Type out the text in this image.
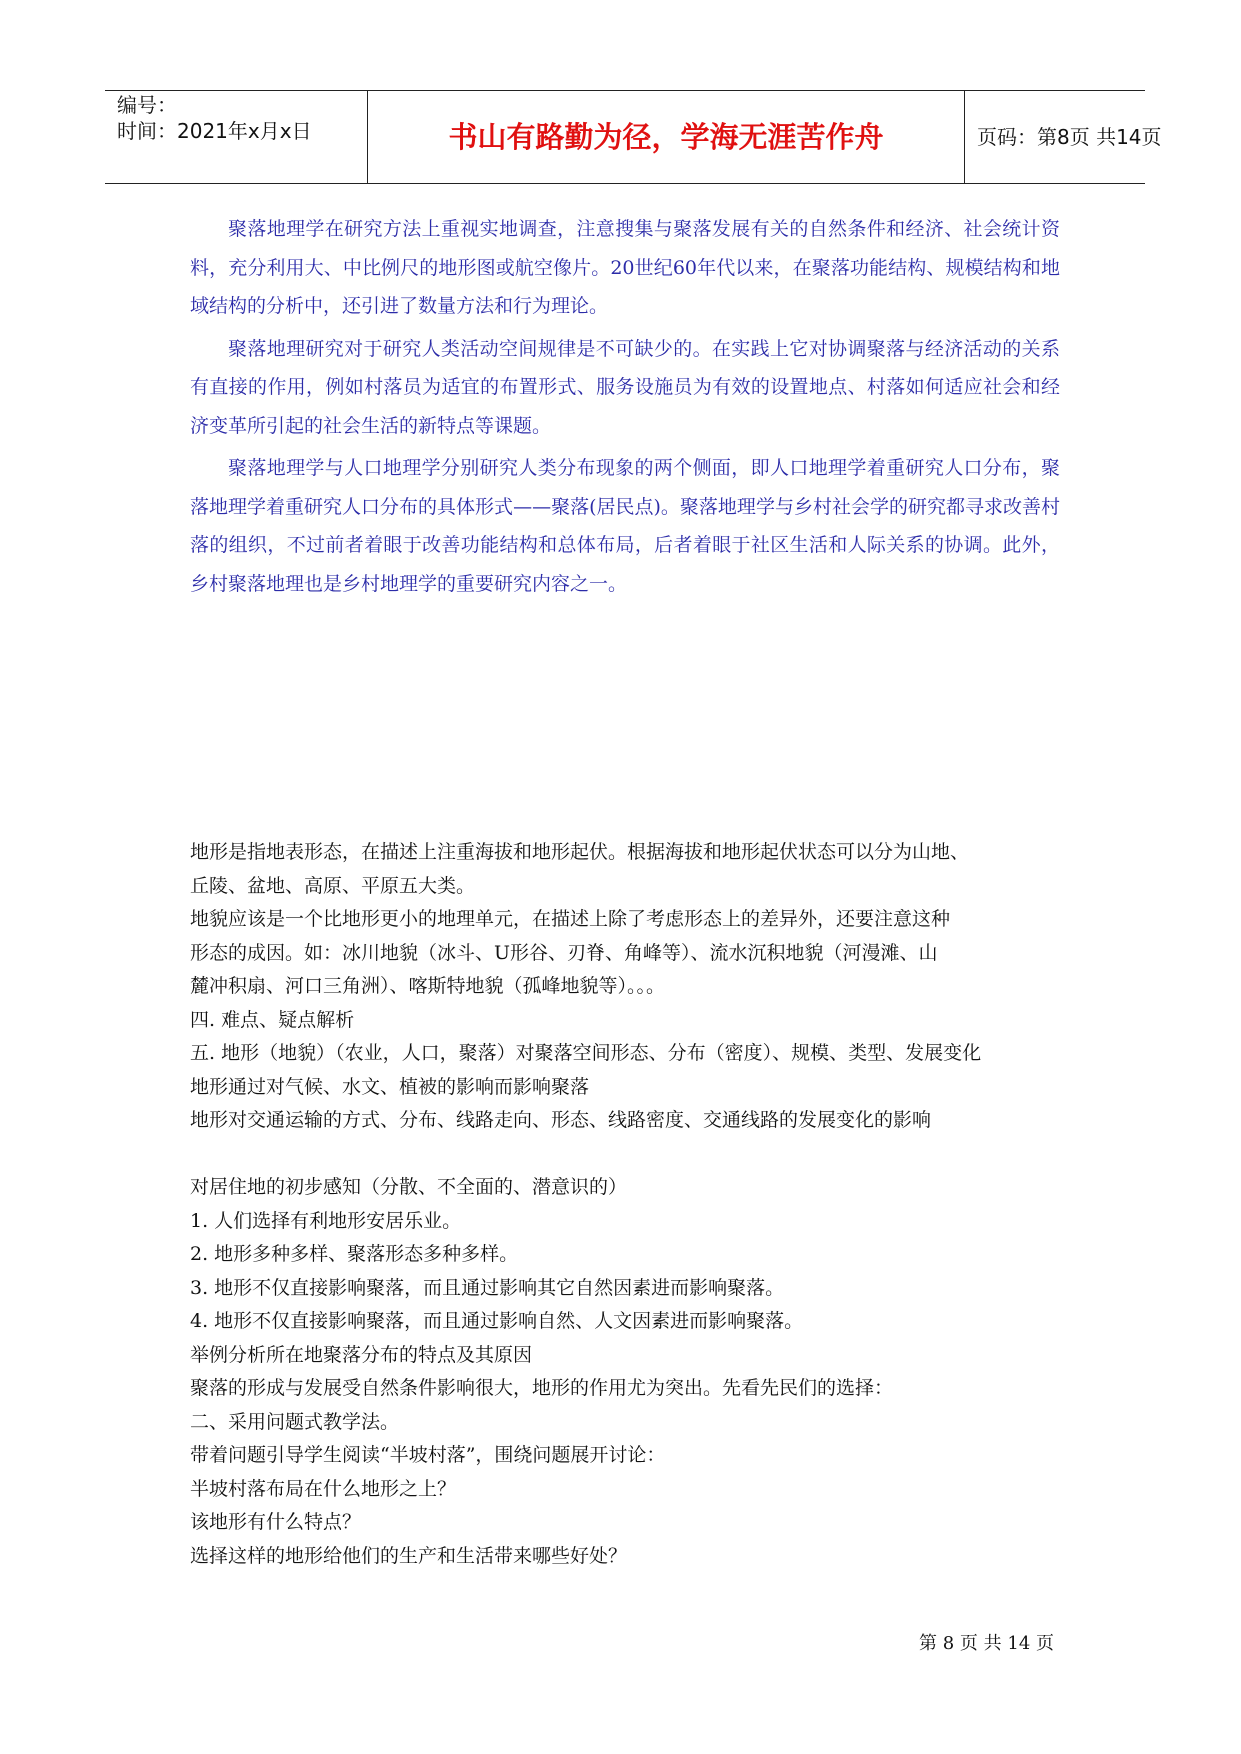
编号：
时间：2021年x月x日	书山有路勤为径，学海无涯苦作舟	页码：第8页 共14页

聚落地理学在研究方法上重视实地调查，注意搜集与聚落发展有关的自然条件和经济、社会统计资料，充分利用大、中比例尺的地形图或航空像片。20世纪60年代以来，在聚落功能结构、规模结构和地域结构的分析中，还引进了数量方法和行为理论。

聚落地理研究对于研究人类活动空间规律是不可缺少的。在实践上它对协调聚落与经济活动的关系有直接的作用，例如村落员为适宜的布置形式、服务设施员为有效的设置地点、村落如何适应社会和经济变革所引起的社会生活的新特点等课题。

聚落地理学与人口地理学分别研究人类分布现象的两个侧面，即人口地理学着重研究人口分布，聚落地理学着重研究人口分布的具体形式——聚落(居民点)。聚落地理学与乡村社会学的研究都寻求改善村落的组织，不过前者着眼于改善功能结构和总体布局，后者着眼于社区生活和人际关系的协调。此外，乡村聚落地理也是乡村地理学的重要研究内容之一。

地形是指地表形态，在描述上注重海拔和地形起伏。根据海拔和地形起伏状态可以分为山地、

丘陵、盆地、高原、平原五大类。

地貌应该是一个比地形更小的地理单元，在描述上除了考虑形态上的差异外，还要注意这种

形态的成因。如：冰川地貌（冰斗、U形谷、刃脊、角峰等）、流水沉积地貌（河漫滩、山

麓冲积扇、河口三角洲）、喀斯特地貌（孤峰地貌等）。。。

四. 难点、疑点解析

五. 地形（地貌）（农业，人口，聚落）对聚落空间形态、分布（密度）、规模、类型、发展变化

地形通过对气候、水文、植被的影响而影响聚落

地形对交通运输的方式、分布、线路走向、形态、线路密度、交通线路的发展变化的影响

对居住地的初步感知（分散、不全面的、潜意识的）

1. 人们选择有利地形安居乐业。

2. 地形多种多样、聚落形态多种多样。

3. 地形不仅直接影响聚落，而且通过影响其它自然因素进而影响聚落。

4. 地形不仅直接影响聚落，而且通过影响自然、人文因素进而影响聚落。

举例分析所在地聚落分布的特点及其原因

聚落的形成与发展受自然条件影响很大，地形的作用尤为突出。先看先民们的选择：

二、采用问题式教学法。

带着问题引导学生阅读“半坡村落”，围绕问题展开讨论：

半坡村落布局在什么地形之上？

该地形有什么特点？

选择这样的地形给他们的生产和生活带来哪些好处？

第 8 页 共 14 页
